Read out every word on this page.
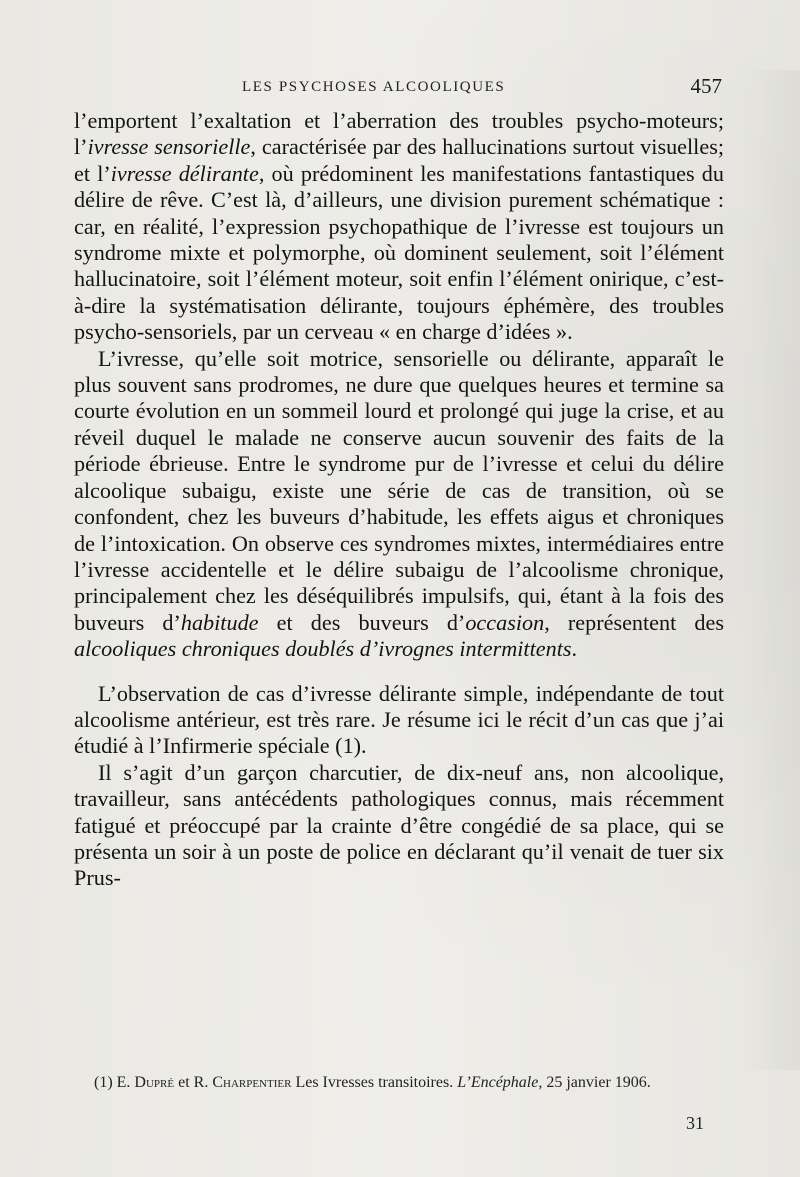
LES PSYCHOSES ALCOOLIQUES	457

l’emportent l’exaltation et l’aberration des troubles psycho-moteurs; l’ivresse sensorielle, caractérisée par des hallucinations surtout visuelles; et l’ivresse délirante, où prédominent les manifestations fantastiques du délire de rêve. C’est là, d’ailleurs, une division purement schématique : car, en réalité, l’expression psychopathique de l’ivresse est toujours un syndrome mixte et polymorphe, où dominent seulement, soit l’élément hallucinatoire, soit l’élément moteur, soit enfin l’élément onirique, c’est-à-dire la systématisation délirante, toujours éphémère, des troubles psycho-sensoriels, par un cerveau « en charge d’idées ».

L’ivresse, qu’elle soit motrice, sensorielle ou délirante, apparaît le plus souvent sans prodromes, ne dure que quelques heures et termine sa courte évolution en un sommeil lourd et prolongé qui juge la crise, et au réveil duquel le malade ne conserve aucun souvenir des faits de la période ébrieuse. Entre le syndrome pur de l’ivresse et celui du délire alcoolique subaigu, existe une série de cas de transition, où se confondent, chez les buveurs d’habitude, les effets aigus et chroniques de l’intoxication. On observe ces syndromes mixtes, intermédiaires entre l’ivresse accidentelle et le délire subaigu de l’alcoolisme chronique, principalement chez les déséquilibrés impulsifs, qui, étant à la fois des buveurs d’habitude et des buveurs d’occasion, représentent des alcooliques chroniques doublés d’ivrognes intermittents.

L’observation de cas d’ivresse délirante simple, indépendante de tout alcoolisme antérieur, est très rare. Je résume ici le récit d’un cas que j’ai étudié à l’Infirmerie spéciale (1).

Il s’agit d’un garçon charcutier, de dix-neuf ans, non alcoolique, travailleur, sans antécédents pathologiques connus, mais récemment fatigué et préoccupé par la crainte d’être congédié de sa place, qui se présenta un soir à un poste de police en déclarant qu’il venait de tuer six Prus-

(1) E. Dupré et R. Charpentier Les Ivresses transitoires. L’Encéphale, 25 janvier 1906.

31
